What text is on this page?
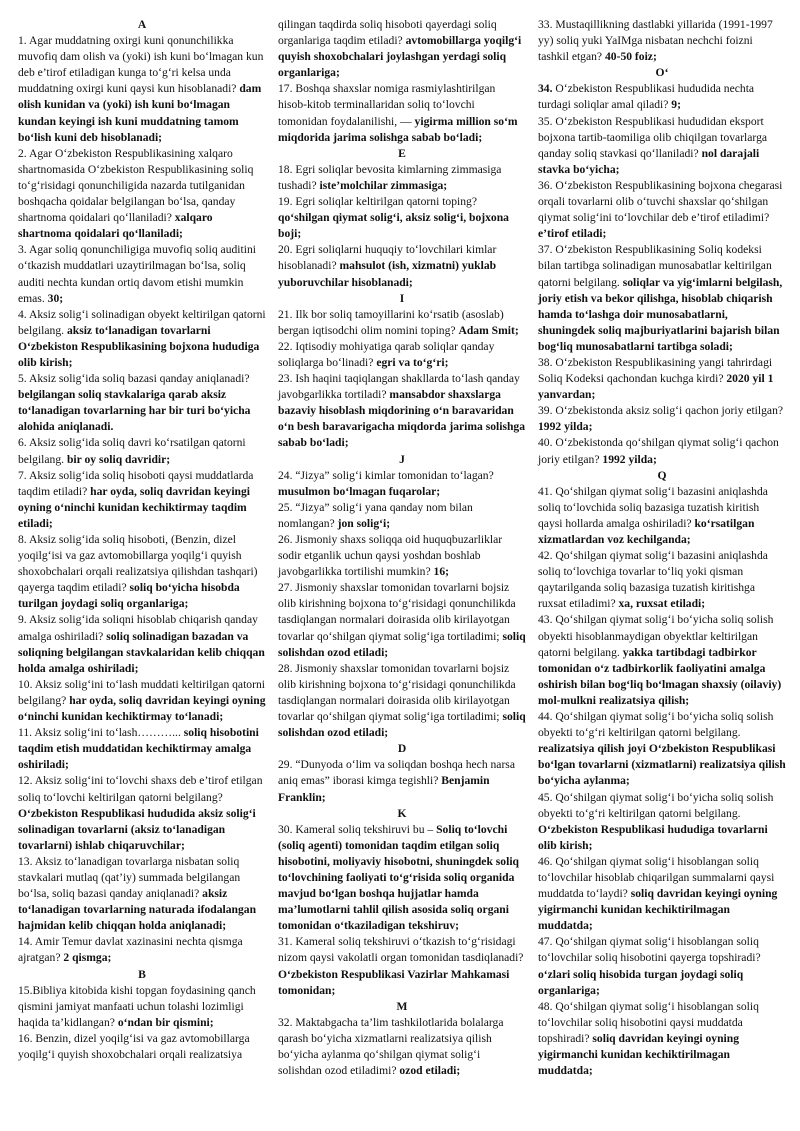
A

1. Agar muddatning oxirgi kuni qonunchilikka muvofiq dam olish va (yoki) ish kuni bo‘lmagan kun deb e’tirof etiladigan kunga to‘g‘ri kelsa unda muddatning oxirgi kuni qaysi kun hisoblanadi? dam olish kunidan va (yoki) ish kuni bo‘lmagan kundan keyingi ish kuni muddatning tamom bo‘lish kuni deb hisoblanadi;

2. Agar O‘zbekiston Respublikasining xalqaro shartnomasida O‘zbekiston Respublikasining soliq to‘g‘risidagi qonunchiligida nazarda tutilganidan boshqacha qoidalar belgilangan bo‘lsa, qanday shartnoma qoidalari qo‘llaniladi? xalqaro shartnoma qoidalari qo‘llaniladi;

3. Agar soliq qonunchiligiga muvofiq soliq auditini o‘tkazish muddatlari uzaytirilmagan bo‘lsa, soliq auditi nechta kundan ortiq davom etishi mumkin emas. 30;

4. Aksiz solig‘i solinadigan obyekt keltirilgan qatorni belgilang. aksiz to‘lanadigan tovarlarni O‘zbekiston Respublikasining bojxona hududiga olib kirish;

5. Aksiz solig‘ida soliq bazasi qanday aniqlanadi? belgilangan soliq stavkalariga qarab aksiz to‘lanadigan tovarlarning har bir turi bo‘yicha alohida aniqlanadi.

6. Aksiz solig‘ida soliq davri ko‘rsatilgan qatorni belgilang. bir oy soliq davridir;

7. Aksiz solig‘ida soliq hisoboti qaysi muddatlarda taqdim etiladi? har oyda, soliq davridan keyingi oyning o‘ninchi kunidan kechiktirmay taqdim etiladi;

8. Aksiz solig‘ida soliq hisoboti, (Benzin, dizel yoqilg‘isi va gaz avtomobillarga yoqilg‘i quyish shoxobchalari orqali realizatsiya qilishdan tashqari) qayerga taqdim etiladi? soliq bo‘yicha hisobda turilgan joydagi soliq organlariga;

9. Aksiz solig‘ida soliqni hisoblab chiqarish qanday amalga oshiriladi? soliq solinadigan bazadan va soliqning belgilangan stavkalaridan kelib chiqqan holda amalga oshiriladi;

10. Aksiz solig‘ini to‘lash muddati keltirilgan qatorni belgilang? har oyda, soliq davridan keyingi oyning o‘ninchi kunidan kechiktirmay to‘lanadi;

11. Aksiz solig‘ini to‘lash………... soliq hisobotini taqdim etish muddatidan kechiktirmay amalga oshiriladi;

12. Aksiz solig‘ini to‘lovchi shaxs deb e’tirof etilgan soliq to‘lovchi keltirilgan qatorni belgilang? O‘zbekiston Respublikasi hududida aksiz solig‘i solinadigan tovarlarni (aksiz to‘lanadigan tovarlarni) ishlab chiqaruvchilar;

13. Aksiz to‘lanadigan tovarlarga nisbatan soliq stavkalari mutlaq (qat’iy) summada belgilangan bo‘lsa, soliq bazasi qanday aniqlanadi? aksiz to‘lanadigan tovarlarning naturada ifodalangan hajmidan kelib chiqqan holda aniqlanadi;

14. Amir Temur davlat xazinasini nechta qismga ajratgan? 2 qismga;

B

15.Bibliya kitobida kishi topgan foydasining qanch qismini jamiyat manfaati uchun tolashi lozimligi haqida ta’kidlangan? o‘ndan bir qismini;

16. Benzin, dizel yoqilg‘isi va gaz avtomobillarga yoqilg‘i quyish shoxobchalari orqali realizatsiya

qilingan taqdirda soliq hisoboti qayerdagi soliq organlariga taqdim etiladi? avtomobillarga yoqilg‘i quyish shoxobchalari joylashgan yerdagi soliq organlariga;

17. Boshqa shaxslar nomiga rasmiylashtirilgan hisob-kitob terminallaridan soliq to‘lovchi tomonidan foydalanilishi, — yigirma million so‘m miqdorida jarima solishga sabab bo‘ladi;

E

18. Egri soliqlar bevosita kimlarning zimmasiga tushadi? iste’molchilar zimmasiga;

19. Egri soliqlar keltirilgan qatorni toping? qo‘shilgan qiymat solig‘i, aksiz solig‘i, bojxona boji;

20. Egri soliqlarni huquqiy to‘lovchilari kimlar hisoblanadi? mahsulot (ish, xizmatni) yuklab yuboruvchilar hisoblanadi;

I

21. Ilk bor soliq tamoyillarini ko‘rsatib (asoslab) bergan iqtisodchi olim nomini toping? Adam Smit;

22. Iqtisodiy mohiyatiga qarab soliqlar qanday soliqlarga bo‘linadi? egri va to‘g‘ri;

23. Ish haqini taqiqlangan shakllarda to‘lash qanday javobgarlikka tortiladi? mansabdor shaxslarga bazaviy hisoblash miqdorining o‘n baravaridan o‘n besh baravarigacha miqdorda jarima solishga sabab bo‘ladi;

J

24. “Jizya” solig‘i kimlar tomonidan to‘lagan? musulmon bo‘lmagan fuqarolar;

25. “Jizya” solig‘i yana qanday nom bilan nomlangan? jon solig‘i;

26. Jismoniy shaxs soliqqa oid huquqbuzarliklar sodir etganlik uchun qaysi yoshdan boshlab javobgarlikka tortilishi mumkin? 16;

27. Jismoniy shaxslar tomonidan tovarlarni bojsiz olib kirishning bojxona to‘g‘risidagi qonunchilikda tasdiqlangan normalari doirasida olib kirilayotgan tovarlar qo‘shilgan qiymat solig‘iga tortiladimi; soliq solishdan ozod etiladi;

28. Jismoniy shaxslar tomonidan tovarlarni bojsiz olib kirishning bojxona to‘g‘risidagi qonunchilikda tasdiqlangan normalari doirasida olib kirilayotgan tovarlar qo‘shilgan qiymat solig‘iga tortiladimi; soliq solishdan ozod etiladi;

D

29. “Dunyoda o‘lim va soliqdan boshqa hech narsa aniq emas” iborasi kimga tegishli? Benjamin Franklin;

K

30. Kameral soliq tekshiruvi bu – Soliq to‘lovchi (soliq agenti) tomonidan taqdim etilgan soliq hisobotini, moliyaviy hisobotni, shuningdek soliq to‘lovchining faoliyati to‘g‘risida soliq organida mavjud bo‘lgan boshqa hujjatlar hamda ma’lumotlarni tahlil qilish asosida soliq organi tomonidan o‘tkaziladigan tekshiruv;

31. Kameral soliq tekshiruvi o‘tkazish to‘g‘risidagi nizom qaysi vakolatli organ tomonidan tasdiqlanadi? O‘zbekiston Respublikasi Vazirlar Mahkamasi tomonidan;

M

32. Maktabgacha ta’lim tashkilotlarida bolalarga qarash bo‘yicha xizmatlarni realizatsiya qilish bo‘yicha aylanma qo‘shilgan qiymat solig‘i solishdan ozod etiladimi? ozod etiladi;

33. Mustaqillikning dastlabki yillarida (1991-1997 yy) soliq yuki YaIMga nisbatan nechchi foizni tashkil etgan? 40-50 foiz;

O‘

34. O‘zbekiston Respublikasi hududida nechta turdagi soliqlar amal qiladi? 9;

35. O‘zbekiston Respublikasi hududidan eksport bojxona tartib-taomiliga olib chiqilgan tovarlarga qanday soliq stavkasi qo‘llaniladi? nol darajali stavka bo‘yicha;

36. O‘zbekiston Respublikasining bojxona chegarasi orqali tovarlarni olib o‘tuvchi shaxslar qo‘shilgan qiymat solig‘ini to‘lovchilar deb e’tirof etiladimi? e’tirof etiladi;

37. O‘zbekiston Respublikasining Soliq kodeksi bilan tartibga solinadigan munosabatlar keltirilgan qatorni belgilang. soliqlar va yig‘imlarni belgilash, joriy etish va bekor qilishga, hisoblab chiqarish hamda to‘lashga doir munosabatlarni, shuningdek soliq majburiyatlarini bajarish bilan bog‘liq munosabatlarni tartibga soladi;

38. O‘zbekiston Respublikasining yangi tahrirdagi Soliq Kodeksi qachondan kuchga kirdi? 2020 yil 1 yanvardan;

39. O‘zbekistonda aksiz solig‘i qachon joriy etilgan? 1992 yilda;

40. O‘zbekistonda qo‘shilgan qiymat solig‘i qachon joriy etilgan? 1992 yilda;

Q

41. Qo‘shilgan qiymat solig‘i bazasini aniqlashda soliq to‘lovchida soliq bazasiga tuzatish kiritish qaysi hollarda amalga oshiriladi? ko‘rsatilgan xizmatlardan voz kechilganda;

42. Qo‘shilgan qiymat solig‘i bazasini aniqlashda soliq to‘lovchiga tovarlar to‘liq yoki qisman qaytarilganda soliq bazasiga tuzatish kiritishga ruxsat etiladimi? xa, ruxsat etiladi;

43. Qo‘shilgan qiymat solig‘i bo‘yicha soliq solish obyekti hisoblanmaydigan obyektlar keltirilgan qatorni belgilang. yakka tartibdagi tadbirkor tomonidan o‘z tadbirkorlik faoliyatini amalga oshirish bilan bog‘liq bo‘lmagan shaxsiy (oilaviy) mol-mulkni realizatsiya qilish;

44. Qo‘shilgan qiymat solig‘i bo‘yicha soliq solish obyekti to‘g‘ri keltirilgan qatorni belgilang. realizatsiya qilish joyi O‘zbekiston Respublikasi bo‘lgan tovarlarni (xizmatlarni) realizatsiya qilish bo‘yicha aylanma;

45. Qo‘shilgan qiymat solig‘i bo‘yicha soliq solish obyekti to‘g‘ri keltirilgan qatorni belgilang. O‘zbekiston Respublikasi hududiga tovarlarni olib kirish;

46. Qo‘shilgan qiymat solig‘i hisoblangan soliq to‘lovchilar hisoblab chiqarilgan summalarni qaysi muddatda to‘laydi? soliq davridan keyingi oyning yigirmanchi kunidan kechiktirilmagan muddatda;

47. Qo‘shilgan qiymat solig‘i hisoblangan soliq to‘lovchilar soliq hisobotini qayerga topshiradi? o‘zlari soliq hisobida turgan joydagi soliq organlariga;

48. Qo‘shilgan qiymat solig‘i hisoblangan soliq to‘lovchilar soliq hisobotini qaysi muddatda topshiradi? soliq davridan keyingi oyning yigirmanchi kunidan kechiktirilmagan muddatda;
